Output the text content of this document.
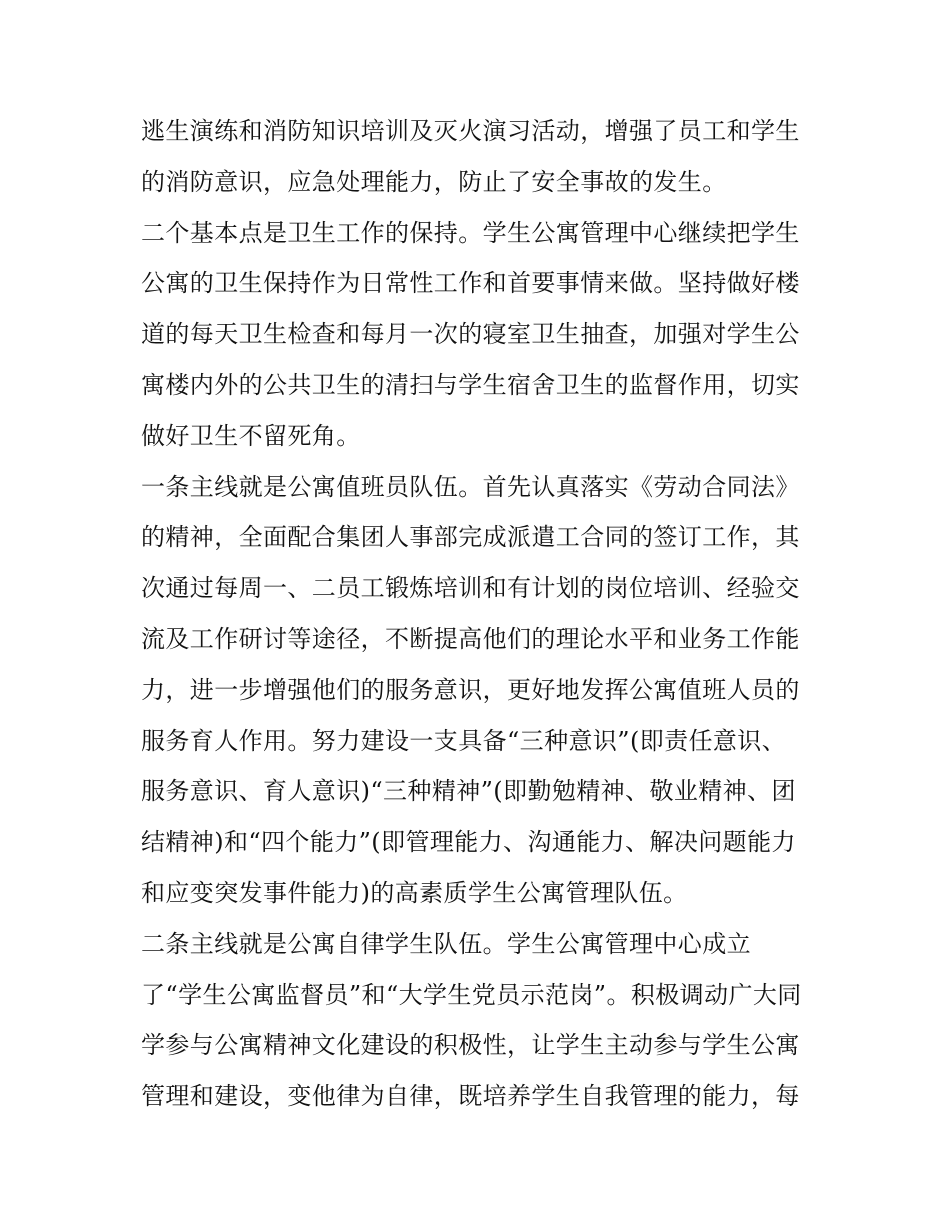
逃生演练和消防知识培训及灭火演习活动，增强了员工和学生
的消防意识，应急处理能力，防止了安全事故的发生。
二个基本点是卫生工作的保持。学生公寓管理中心继续把学生
公寓的卫生保持作为日常性工作和首要事情来做。坚持做好楼
道的每天卫生检查和每月一次的寝室卫生抽查，加强对学生公
寓楼内外的公共卫生的清扫与学生宿舍卫生的监督作用，切实
做好卫生不留死角。
一条主线就是公寓值班员队伍。首先认真落实《劳动合同法》
的精神，全面配合集团人事部完成派遣工合同的签订工作，其
次通过每周一、二员工锻炼培训和有计划的岗位培训、经验交
流及工作研讨等途径，不断提高他们的理论水平和业务工作能
力，进一步增强他们的服务意识，更好地发挥公寓值班人员的
服务育人作用。努力建设一支具备“三种意识”(即责任意识、
服务意识、育人意识)“三种精神”(即勤勉精神、敬业精神、团
结精神)和“四个能力”(即管理能力、沟通能力、解决问题能力
和应变突发事件能力)的高素质学生公寓管理队伍。
二条主线就是公寓自律学生队伍。学生公寓管理中心成立
了“学生公寓监督员”和“大学生党员示范岗”。积极调动广大同
学参与公寓精神文化建设的积极性，让学生主动参与学生公寓
管理和建设，变他律为自律，既培养学生自我管理的能力，每
